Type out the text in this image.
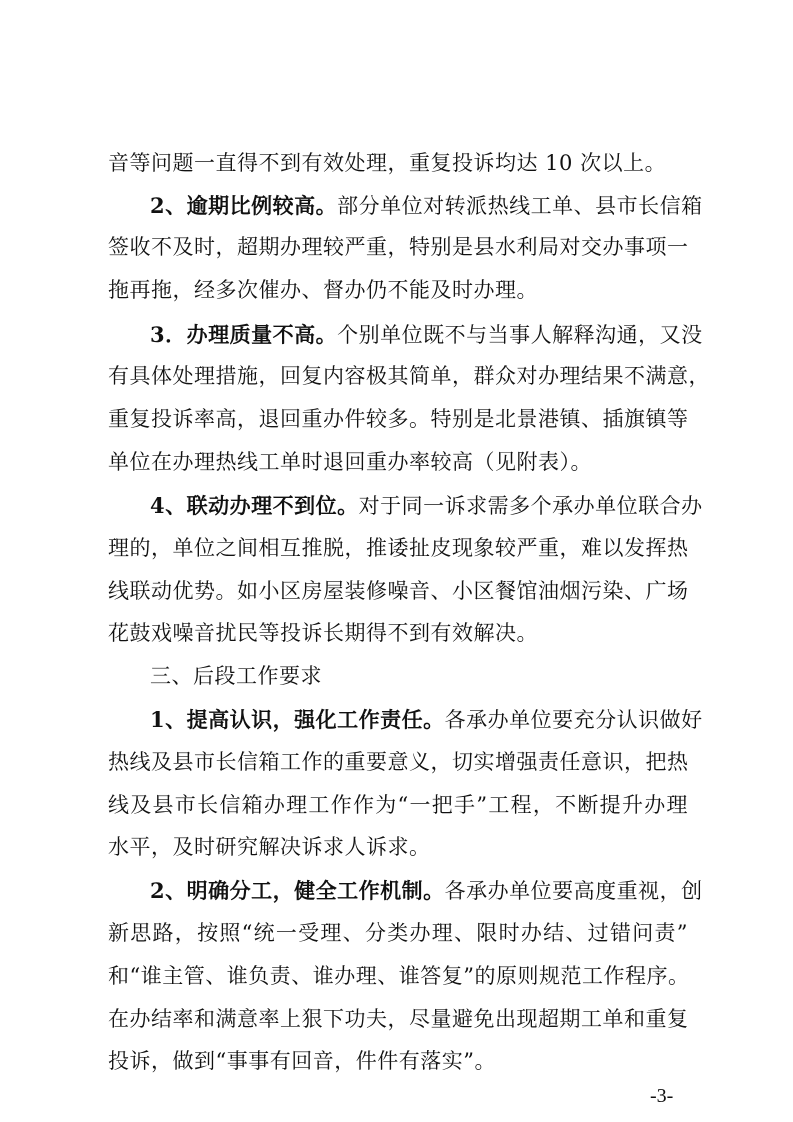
音等问题一直得不到有效处理，重复投诉均达 10 次以上。
2、逾期比例较高。部分单位对转派热线工单、县市长信箱
签收不及时，超期办理较严重，特别是县水利局对交办事项一
拖再拖，经多次催办、督办仍不能及时办理。
3．办理质量不高。个别单位既不与当事人解释沟通，又没
有具体处理措施，回复内容极其简单，群众对办理结果不满意，
重复投诉率高，退回重办件较多。特别是北景港镇、插旗镇等
单位在办理热线工单时退回重办率较高（见附表）。
4、联动办理不到位。对于同一诉求需多个承办单位联合办
理的，单位之间相互推脱，推诿扯皮现象较严重，难以发挥热
线联动优势。如小区房屋装修噪音、小区餐馆油烟污染、广场
花鼓戏噪音扰民等投诉长期得不到有效解决。
三、后段工作要求
1、提高认识，强化工作责任。各承办单位要充分认识做好
热线及县市长信箱工作的重要意义，切实增强责任意识，把热
线及县市长信箱办理工作作为“一把手”工程，不断提升办理
水平，及时研究解决诉求人诉求。
2、明确分工，健全工作机制。各承办单位要高度重视，创
新思路，按照“统一受理、分类办理、限时办结、过错问责”
和“谁主管、谁负责、谁办理、谁答复”的原则规范工作程序。
在办结率和满意率上狠下功夫，尽量避免出现超期工单和重复
投诉，做到“事事有回音，件件有落实”。
-3-
